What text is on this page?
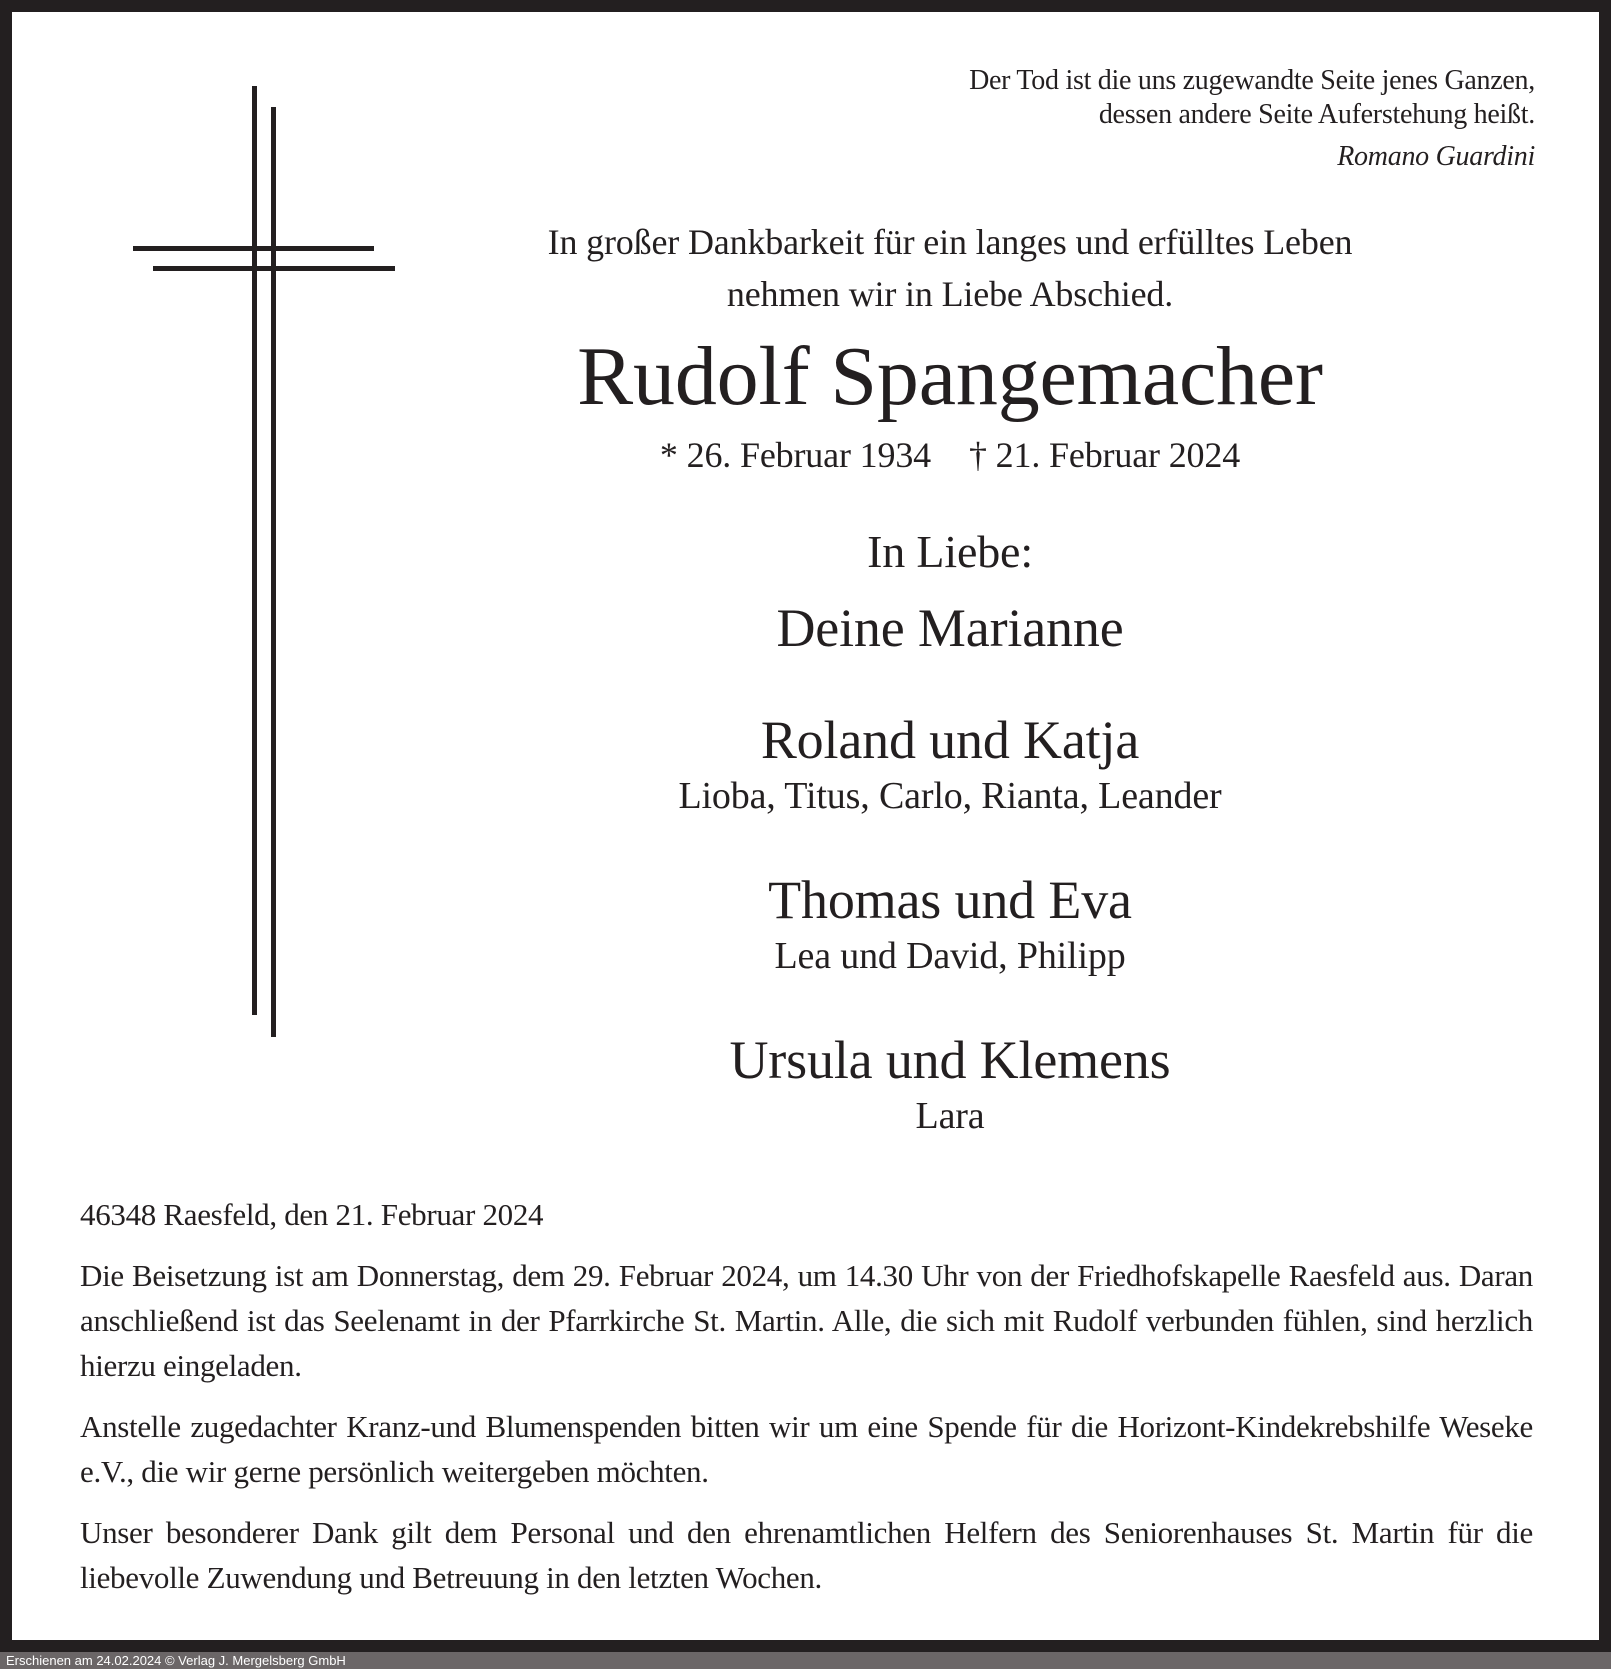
Der Tod ist die uns zugewandte Seite jenes Ganzen,
dessen andere Seite Auferstehung heißt.
Romano Guardini
In großer Dankbarkeit für ein langes und erfülltes Leben
nehmen wir in Liebe Abschied.
Rudolf Spangemacher
* 26. Februar 1934 † 21. Februar 2024
In Liebe:
Deine Marianne
Roland und Katja
Lioba, Titus, Carlo, Rianta, Leander
Thomas und Eva
Lea und David, Philipp
Ursula und Klemens
Lara
46348 Raesfeld, den 21. Februar 2024

Die Beisetzung ist am Donnerstag, dem 29. Februar 2024, um 14.30 Uhr von der Friedhofskapelle Raesfeld aus. Daran anschließend ist das Seelenamt in der Pfarrkirche St. Martin. Alle, die sich mit Rudolf verbunden fühlen, sind herzlich hierzu eingeladen.

Anstelle zugedachter Kranz-und Blumenspenden bitten wir um eine Spende für die Horizont-Kindekrebshilfe Weseke e.V., die wir gerne persönlich weitergeben möchten.

Unser besonderer Dank gilt dem Personal und den ehrenamtlichen Helfern des Seniorenhauses St. Martin für die liebevolle Zuwendung und Betreuung in den letzten Wochen.

Erschienen am 24.02.2024 © Verlag J. Mergelsberg GmbH
